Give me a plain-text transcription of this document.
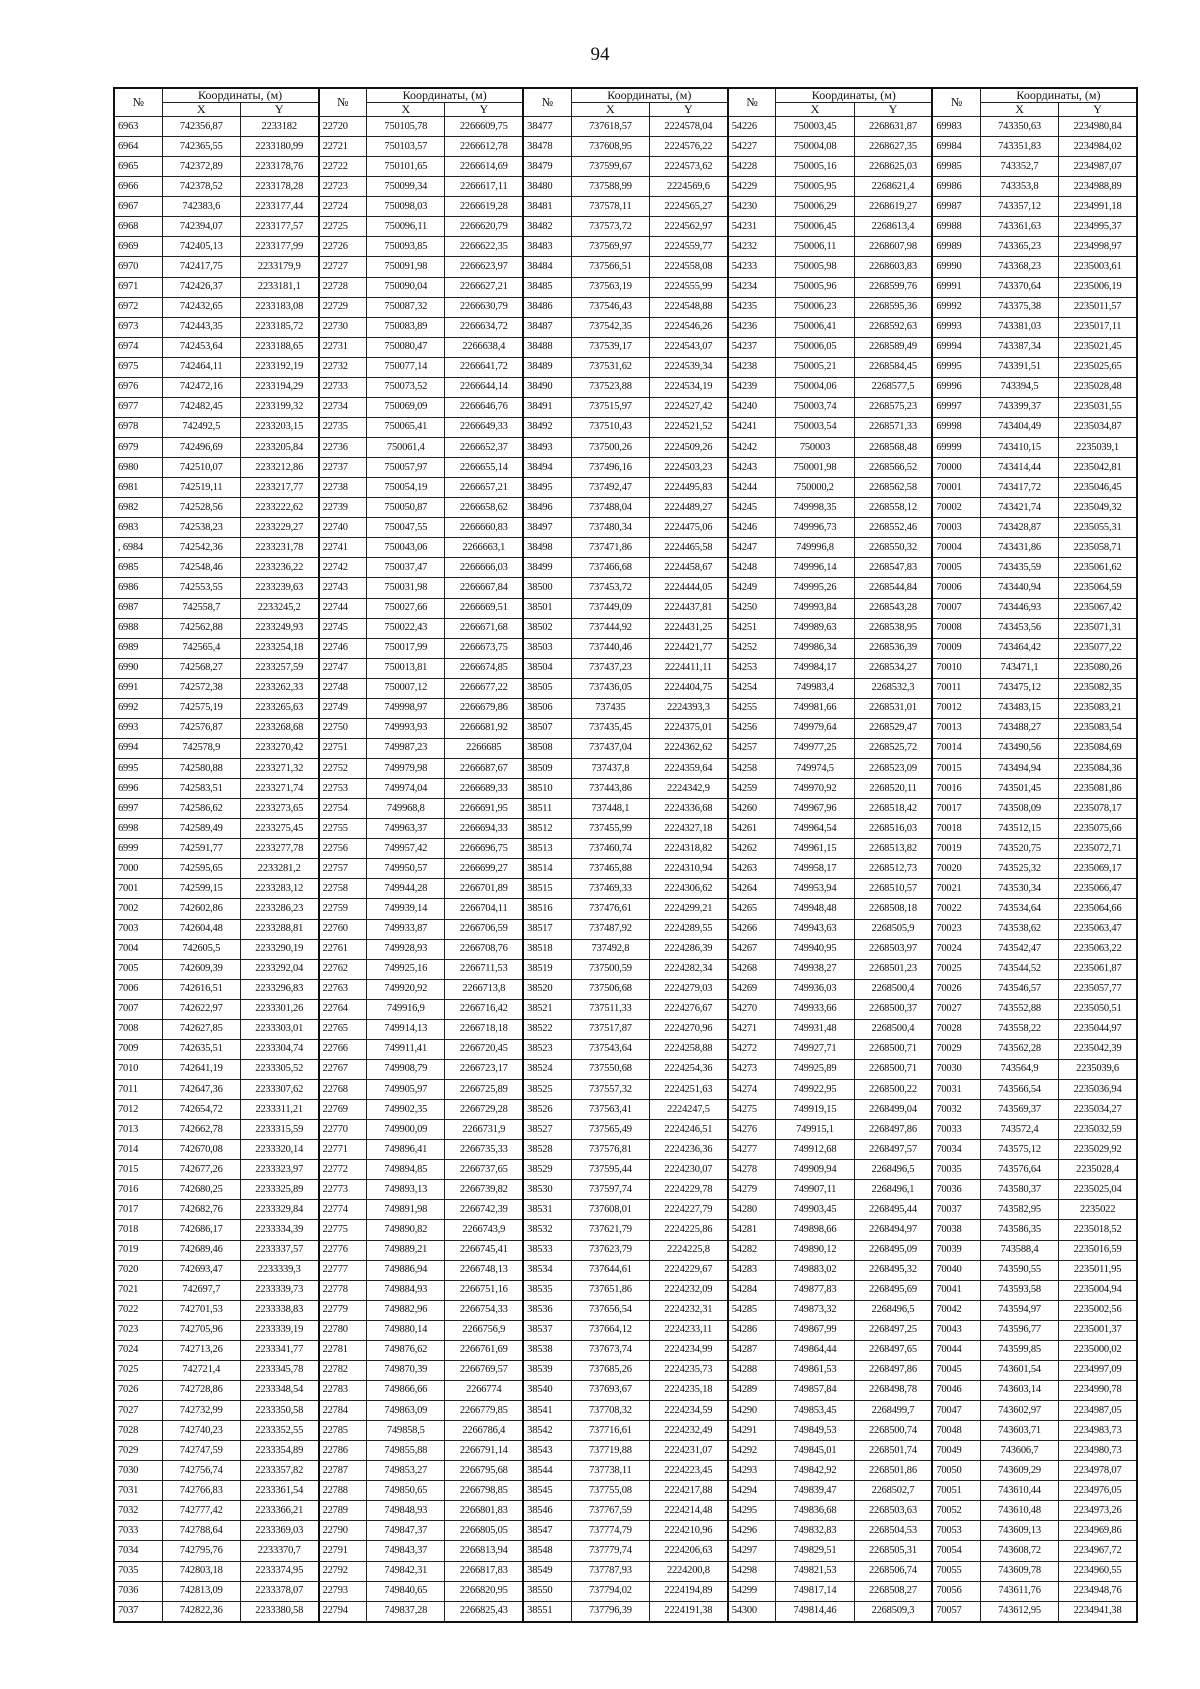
94
№	Координаты, (м)		№	Координаты, (м)		№	Координаты, (м)		№	Координаты, (м)		№	Координаты, (м)	
	X	Y		X	Y		X	Y		X	Y		X	Y
6963	742356,87	2233182	22720	750105,78	2266609,75	38477	737618,57	2224578,04	54226	750003,45	2268631,87	69983	743350,63	2234980,84
6964	742365,55	2233180,99	22721	750103,57	2266612,78	38478	737608,95	2224576,22	54227	750004,08	2268627,35	69984	743351,83	2234984,02
6965	742372,89	2233178,76	22722	750101,65	2266614,69	38479	737599,67	2224573,62	54228	750005,16	2268625,03	69985	743352,7	2234987,07
6966	742378,52	2233178,28	22723	750099,34	2266617,11	38480	737588,99	2224569,6	54229	750005,95	2268621,4	69986	743353,8	2234988,89
6967	742383,6	2233177,44	22724	750098,03	2266619,28	38481	737578,11	2224565,27	54230	750006,29	2268619,27	69987	743357,12	2234991,18
6968	742394,07	2233177,57	22725	750096,11	2266620,79	38482	737573,72	2224562,97	54231	750006,45	2268613,4	69988	743361,63	2234995,37
6969	742405,13	2233177,99	22726	750093,85	2266622,35	38483	737569,97	2224559,77	54232	750006,11	2268607,98	69989	743365,23	2234998,97
6970	742417,75	2233179,9	22727	750091,98	2266623,97	38484	737566,51	2224558,08	54233	750005,98	2268603,83	69990	743368,23	2235003,61
6971	742426,37	2233181,1	22728	750090,04	2266627,21	38485	737563,19	2224555,99	54234	750005,96	2268599,76	69991	743370,64	2235006,19
6972	742432,65	2233183,08	22729	750087,32	2266630,79	38486	737546,43	2224548,88	54235	750006,23	2268595,36	69992	743375,38	2235011,57
6973	742443,35	2233185,72	22730	750083,89	2266634,72	38487	737542,35	2224546,26	54236	750006,41	2268592,63	69993	743381,03	2235017,11
6974	742453,64	2233188,65	22731	750080,47	2266638,4	38488	737539,17	2224543,07	54237	750006,05	2268589,49	69994	743387,34	2235021,45
6975	742464,11	2233192,19	22732	750077,14	2266641,72	38489	737531,62	2224539,34	54238	750005,21	2268584,45	69995	743391,51	2235025,65
6976	742472,16	2233194,29	22733	750073,52	2266644,14	38490	737523,88	2224534,19	54239	750004,06	2268577,5	69996	743394,5	2235028,48
6977	742482,45	2233199,32	22734	750069,09	2266646,76	38491	737515,97	2224527,42	54240	750003,74	2268575,23	69997	743399,37	2235031,55
6978	742492,5	2233203,15	22735	750065,41	2266649,33	38492	737510,43	2224521,52	54241	750003,54	2268571,33	69998	743404,49	2235034,87
6979	742496,69	2233205,84	22736	750061,4	2266652,37	38493	737500,26	2224509,26	54242	750003	2268568,48	69999	743410,15	2235039,1
6980	742510,07	2233212,86	22737	750057,97	2266655,14	38494	737496,16	2224503,23	54243	750001,98	2268566,52	70000	743414,44	2235042,81
6981	742519,11	2233217,77	22738	750054,19	2266657,21	38495	737492,47	2224495,83	54244	750000,2	2268562,58	70001	743417,72	2235046,45
6982	742528,56	2233222,62	22739	750050,87	2266658,62	38496	737488,04	2224489,27	54245	749998,35	2268558,12	70002	743421,74	2235049,32
6983	742538,23	2233229,27	22740	750047,55	2266660,83	38497	737480,34	2224475,06	54246	749996,73	2268552,46	70003	743428,87	2235055,31
, 6984	742542,36	2233231,78	22741	750043,06	2266663,1	38498	737471,86	2224465,58	54247	749996,8	2268550,32	70004	743431,86	2235058,71
6985	742548,46	2233236,22	22742	750037,47	2266666,03	38499	737466,68	2224458,67	54248	749996,14	2268547,83	70005	743435,59	2235061,62
6986	742553,55	2233239,63	22743	750031,98	2266667,84	38500	737453,72	2224444,05	54249	749995,26	2268544,84	70006	743440,94	2235064,59
6987	742558,7	2233245,2	22744	750027,66	2266669,51	38501	737449,09	2224437,81	54250	749993,84	2268543,28	70007	743446,93	2235067,42
6988	742562,88	2233249,93	22745	750022,43	2266671,68	38502	737444,92	2224431,25	54251	749989,63	2268538,95	70008	743453,56	2235071,31
6989	742565,4	2233254,18	22746	750017,99	2266673,75	38503	737440,46	2224421,77	54252	749986,34	2268536,39	70009	743464,42	2235077,22
6990	742568,27	2233257,59	22747	750013,81	2266674,85	38504	737437,23	2224411,11	54253	749984,17	2268534,27	70010	743471,1	2235080,26
6991	742572,38	2233262,33	22748	750007,12	2266677,22	38505	737436,05	2224404,75	54254	749983,4	2268532,3	70011	743475,12	2235082,35
6992	742575,19	2233265,63	22749	749998,97	2266679,86	38506	737435	2224393,3	54255	749981,66	2268531,01	70012	743483,15	2235083,21
6993	742576,87	2233268,68	22750	749993,93	2266681,92	38507	737435,45	2224375,01	54256	749979,64	2268529,47	70013	743488,27	2235083,54
6994	742578,9	2233270,42	22751	749987,23	2266685	38508	737437,04	2224362,62	54257	749977,25	2268525,72	70014	743490,56	2235084,69
6995	742580,88	2233271,32	22752	749979,98	2266687,67	38509	737437,8	2224359,64	54258	749974,5	2268523,09	70015	743494,94	2235084,36
6996	742583,51	2233271,74	22753	749974,04	2266689,33	38510	737443,86	2224342,9	54259	749970,92	2268520,11	70016	743501,45	2235081,86
6997	742586,62	2233273,65	22754	749968,8	2266691,95	38511	737448,1	2224336,68	54260	749967,96	2268518,42	70017	743508,09	2235078,17
6998	742589,49	2233275,45	22755	749963,37	2266694,33	38512	737455,99	2224327,18	54261	749964,54	2268516,03	70018	743512,15	2235075,66
6999	742591,77	2233277,78	22756	749957,42	2266696,75	38513	737460,74	2224318,82	54262	749961,15	2268513,82	70019	743520,75	2235072,71
7000	742595,65	2233281,2	22757	749950,57	2266699,27	38514	737465,88	2224310,94	54263	749958,17	2268512,73	70020	743525,32	2235069,17
7001	742599,15	2233283,12	22758	749944,28	2266701,89	38515	737469,33	2224306,62	54264	749953,94	2268510,57	70021	743530,34	2235066,47
7002	742602,86	2233286,23	22759	749939,14	2266704,11	38516	737476,61	2224299,21	54265	749948,48	2268508,18	70022	743534,64	2235064,66
7003	742604,48	2233288,81	22760	749933,87	2266706,59	38517	737487,92	2224289,55	54266	749943,63	2268505,9	70023	743538,62	2235063,47
7004	742605,5	2233290,19	22761	749928,93	2266708,76	38518	737492,8	2224286,39	54267	749940,95	2268503,97	70024	743542,47	2235063,22
7005	742609,39	2233292,04	22762	749925,16	2266711,53	38519	737500,59	2224282,34	54268	749938,27	2268501,23	70025	743544,52	2235061,87
7006	742616,51	2233296,83	22763	749920,92	2266713,8	38520	737506,68	2224279,03	54269	749936,03	2268500,4	70026	743546,57	2235057,77
7007	742622,97	2233301,26	22764	749916,9	2266716,42	38521	737511,33	2224276,67	54270	749933,66	2268500,37	70027	743552,88	2235050,51
7008	742627,85	2233303,01	22765	749914,13	2266718,18	38522	737517,87	2224270,96	54271	749931,48	2268500,4	70028	743558,22	2235044,97
7009	742635,51	2233304,74	22766	749911,41	2266720,45	38523	737543,64	2224258,88	54272	749927,71	2268500,71	70029	743562,28	2235042,39
7010	742641,19	2233305,52	22767	749908,79	2266723,17	38524	737550,68	2224254,36	54273	749925,89	2268500,71	70030	743564,9	2235039,6
7011	742647,36	2233307,62	22768	749905,97	2266725,89	38525	737557,32	2224251,63	54274	749922,95	2268500,22	70031	743566,54	2235036,94
7012	742654,72	2233311,21	22769	749902,35	2266729,28	38526	737563,41	2224247,5	54275	749919,15	2268499,04	70032	743569,37	2235034,27
7013	742662,78	2233315,59	22770	749900,09	2266731,9	38527	737565,49	2224246,51	54276	749915,1	2268497,86	70033	743572,4	2235032,59
7014	742670,08	2233320,14	22771	749896,41	2266735,33	38528	737576,81	2224236,36	54277	749912,68	2268497,57	70034	743575,12	2235029,92
7015	742677,26	2233323,97	22772	749894,85	2266737,65	38529	737595,44	2224230,07	54278	749909,94	2268496,5	70035	743576,64	2235028,4
7016	742680,25	2233325,89	22773	749893,13	2266739,82	38530	737597,74	2224229,78	54279	749907,11	2268496,1	70036	743580,37	2235025,04
7017	742682,76	2233329,84	22774	749891,98	2266742,39	38531	737608,01	2224227,79	54280	749903,45	2268495,44	70037	743582,95	2235022
7018	742686,17	2233334,39	22775	749890,82	2266743,9	38532	737621,79	2224225,86	54281	749898,66	2268494,97	70038	743586,35	2235018,52
7019	742689,46	2233337,57	22776	749889,21	2266745,41	38533	737623,79	2224225,8	54282	749890,12	2268495,09	70039	743588,4	2235016,59
7020	742693,47	2233339,3	22777	749886,94	2266748,13	38534	737644,61	2224229,67	54283	749883,02	2268495,32	70040	743590,55	2235011,95
7021	742697,7	2233339,73	22778	749884,93	2266751,16	38535	737651,86	2224232,09	54284	749877,83	2268495,69	70041	743593,58	2235004,94
7022	742701,53	2233338,83	22779	749882,96	2266754,33	38536	737656,54	2224232,31	54285	749873,32	2268496,5	70042	743594,97	2235002,56
7023	742705,96	2233339,19	22780	749880,14	2266756,9	38537	737664,12	2224233,11	54286	749867,99	2268497,25	70043	743596,77	2235001,37
7024	742713,26	2233341,77	22781	749876,62	2266761,69	38538	737673,74	2224234,99	54287	749864,44	2268497,65	70044	743599,85	2235000,02
7025	742721,4	2233345,78	22782	749870,39	2266769,57	38539	737685,26	2224235,73	54288	749861,53	2268497,86	70045	743601,54	2234997,09
7026	742728,86	2233348,54	22783	749866,66	2266774	38540	737693,67	2224235,18	54289	749857,84	2268498,78	70046	743603,14	2234990,78
7027	742732,99	2233350,58	22784	749863,09	2266779,85	38541	737708,32	2224234,59	54290	749853,45	2268499,7	70047	743602,97	2234987,05
7028	742740,23	2233352,55	22785	749858,5	2266786,4	38542	737716,61	2224232,49	54291	749849,53	2268500,74	70048	743603,71	2234983,73
7029	742747,59	2233354,89	22786	749855,88	2266791,14	38543	737719,88	2224231,07	54292	749845,01	2268501,74	70049	743606,7	2234980,73
7030	742756,74	2233357,82	22787	749853,27	2266795,68	38544	737738,11	2224223,45	54293	749842,92	2268501,86	70050	743609,29	2234978,07
7031	742766,83	2233361,54	22788	749850,65	2266798,85	38545	737755,08	2224217,88	54294	749839,47	2268502,7	70051	743610,44	2234976,05
7032	742777,42	2233366,21	22789	749848,93	2266801,83	38546	737767,59	2224214,48	54295	749836,68	2268503,63	70052	743610,48	2234973,26
7033	742788,64	2233369,03	22790	749847,37	2266805,05	38547	737774,79	2224210,96	54296	749832,83	2268504,53	70053	743609,13	2234969,86
7034	742795,76	2233370,7	22791	749843,37	2266813,94	38548	737779,74	2224206,63	54297	749829,51	2268505,31	70054	743608,72	2234967,72
7035	742803,18	2233374,95	22792	749842,31	2266817,83	38549	737787,93	2224200,8	54298	749821,53	2268506,74	70055	743609,78	2234960,55
7036	742813,09	2233378,07	22793	749840,65	2266820,95	38550	737794,02	2224194,89	54299	749817,14	2268508,27	70056	743611,76	2234948,76
7037	742822,36	2233380,58	22794	749837,28	2266825,43	38551	737796,39	2224191,38	54300	749814,46	2268509,3	70057	743612,95	2234941,38
